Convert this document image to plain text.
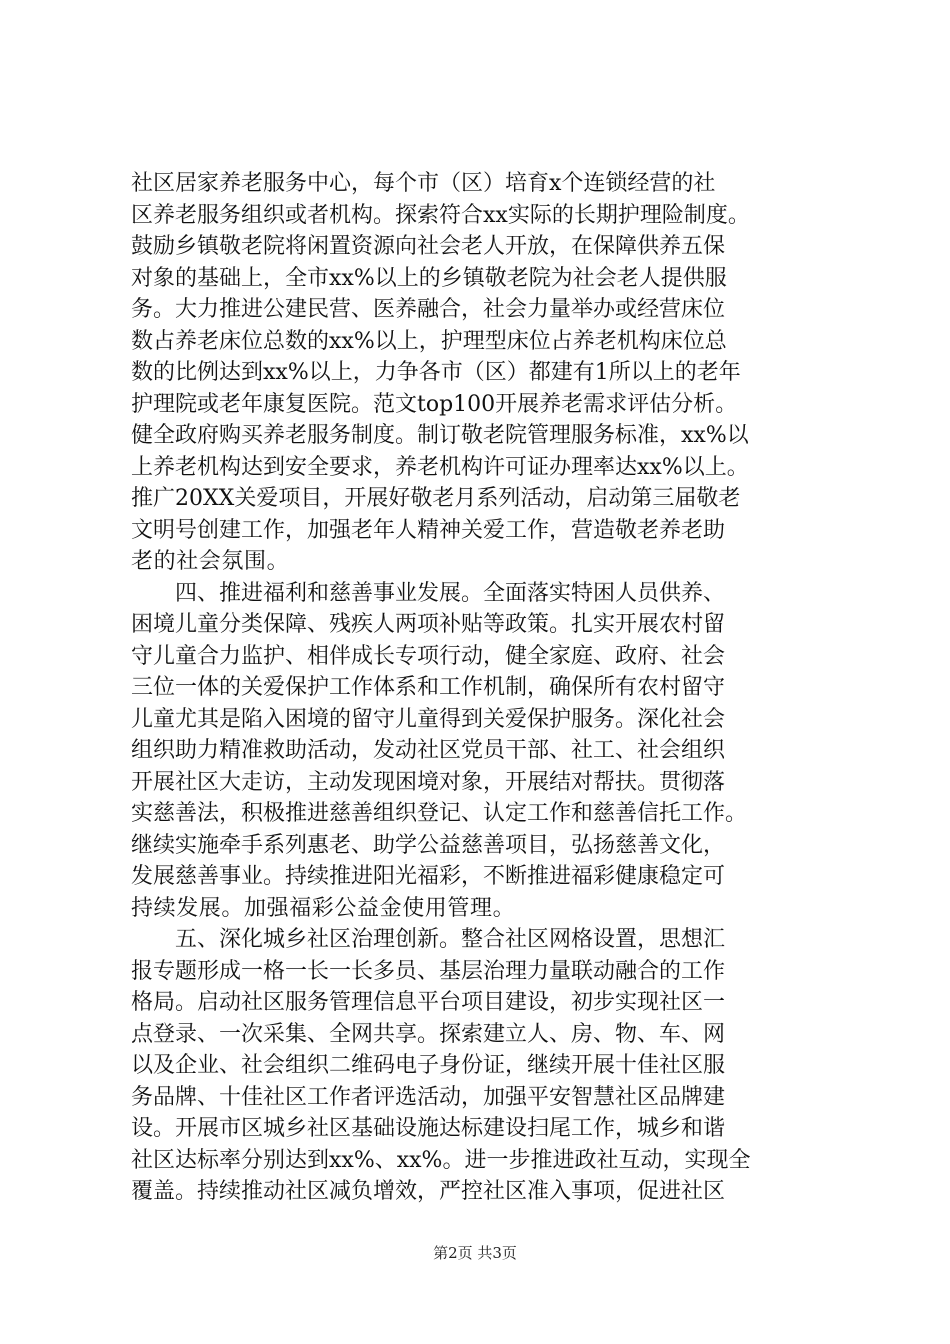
社区居家养老服务中心，每个市（区）培育x个连锁经营的社
区养老服务组织或者机构。探索符合xx实际的长期护理险制度。
鼓励乡镇敬老院将闲置资源向社会老人开放，在保障供养五保
对象的基础上，全市xx%以上的乡镇敬老院为社会老人提供服
务。大力推进公建民营、医养融合，社会力量举办或经营床位
数占养老床位总数的xx%以上，护理型床位占养老机构床位总
数的比例达到xx%以上，力争各市（区）都建有1所以上的老年
护理院或老年康复医院。范文top100开展养老需求评估分析。
健全政府购买养老服务制度。制订敬老院管理服务标准，xx%以
上养老机构达到安全要求，养老机构许可证办理率达xx%以上。
推广20XX关爱项目，开展好敬老月系列活动，启动第三届敬老
文明号创建工作，加强老年人精神关爱工作，营造敬老养老助
老的社会氛围。
　　四、推进福利和慈善事业发展。全面落实特困人员供养、
困境儿童分类保障、残疾人两项补贴等政策。扎实开展农村留
守儿童合力监护、相伴成长专项行动，健全家庭、政府、社会
三位一体的关爱保护工作体系和工作机制，确保所有农村留守
儿童尤其是陷入困境的留守儿童得到关爱保护服务。深化社会
组织助力精准救助活动，发动社区党员干部、社工、社会组织
开展社区大走访，主动发现困境对象，开展结对帮扶。贯彻落
实慈善法，积极推进慈善组织登记、认定工作和慈善信托工作。
继续实施牵手系列惠老、助学公益慈善项目，弘扬慈善文化，
发展慈善事业。持续推进阳光福彩，不断推进福彩健康稳定可
持续发展。加强福彩公益金使用管理。
　　五、深化城乡社区治理创新。整合社区网格设置，思想汇
报专题形成一格一长一长多员、基层治理力量联动融合的工作
格局。启动社区服务管理信息平台项目建设，初步实现社区一
点登录、一次采集、全网共享。探索建立人、房、物、车、网
以及企业、社会组织二维码电子身份证，继续开展十佳社区服
务品牌、十佳社区工作者评选活动，加强平安智慧社区品牌建
设。开展市区城乡社区基础设施达标建设扫尾工作，城乡和谐
社区达标率分别达到xx%、xx%。进一步推进政社互动，实现全
覆盖。持续推动社区减负增效，严控社区准入事项，促进社区
第2页 共3页
